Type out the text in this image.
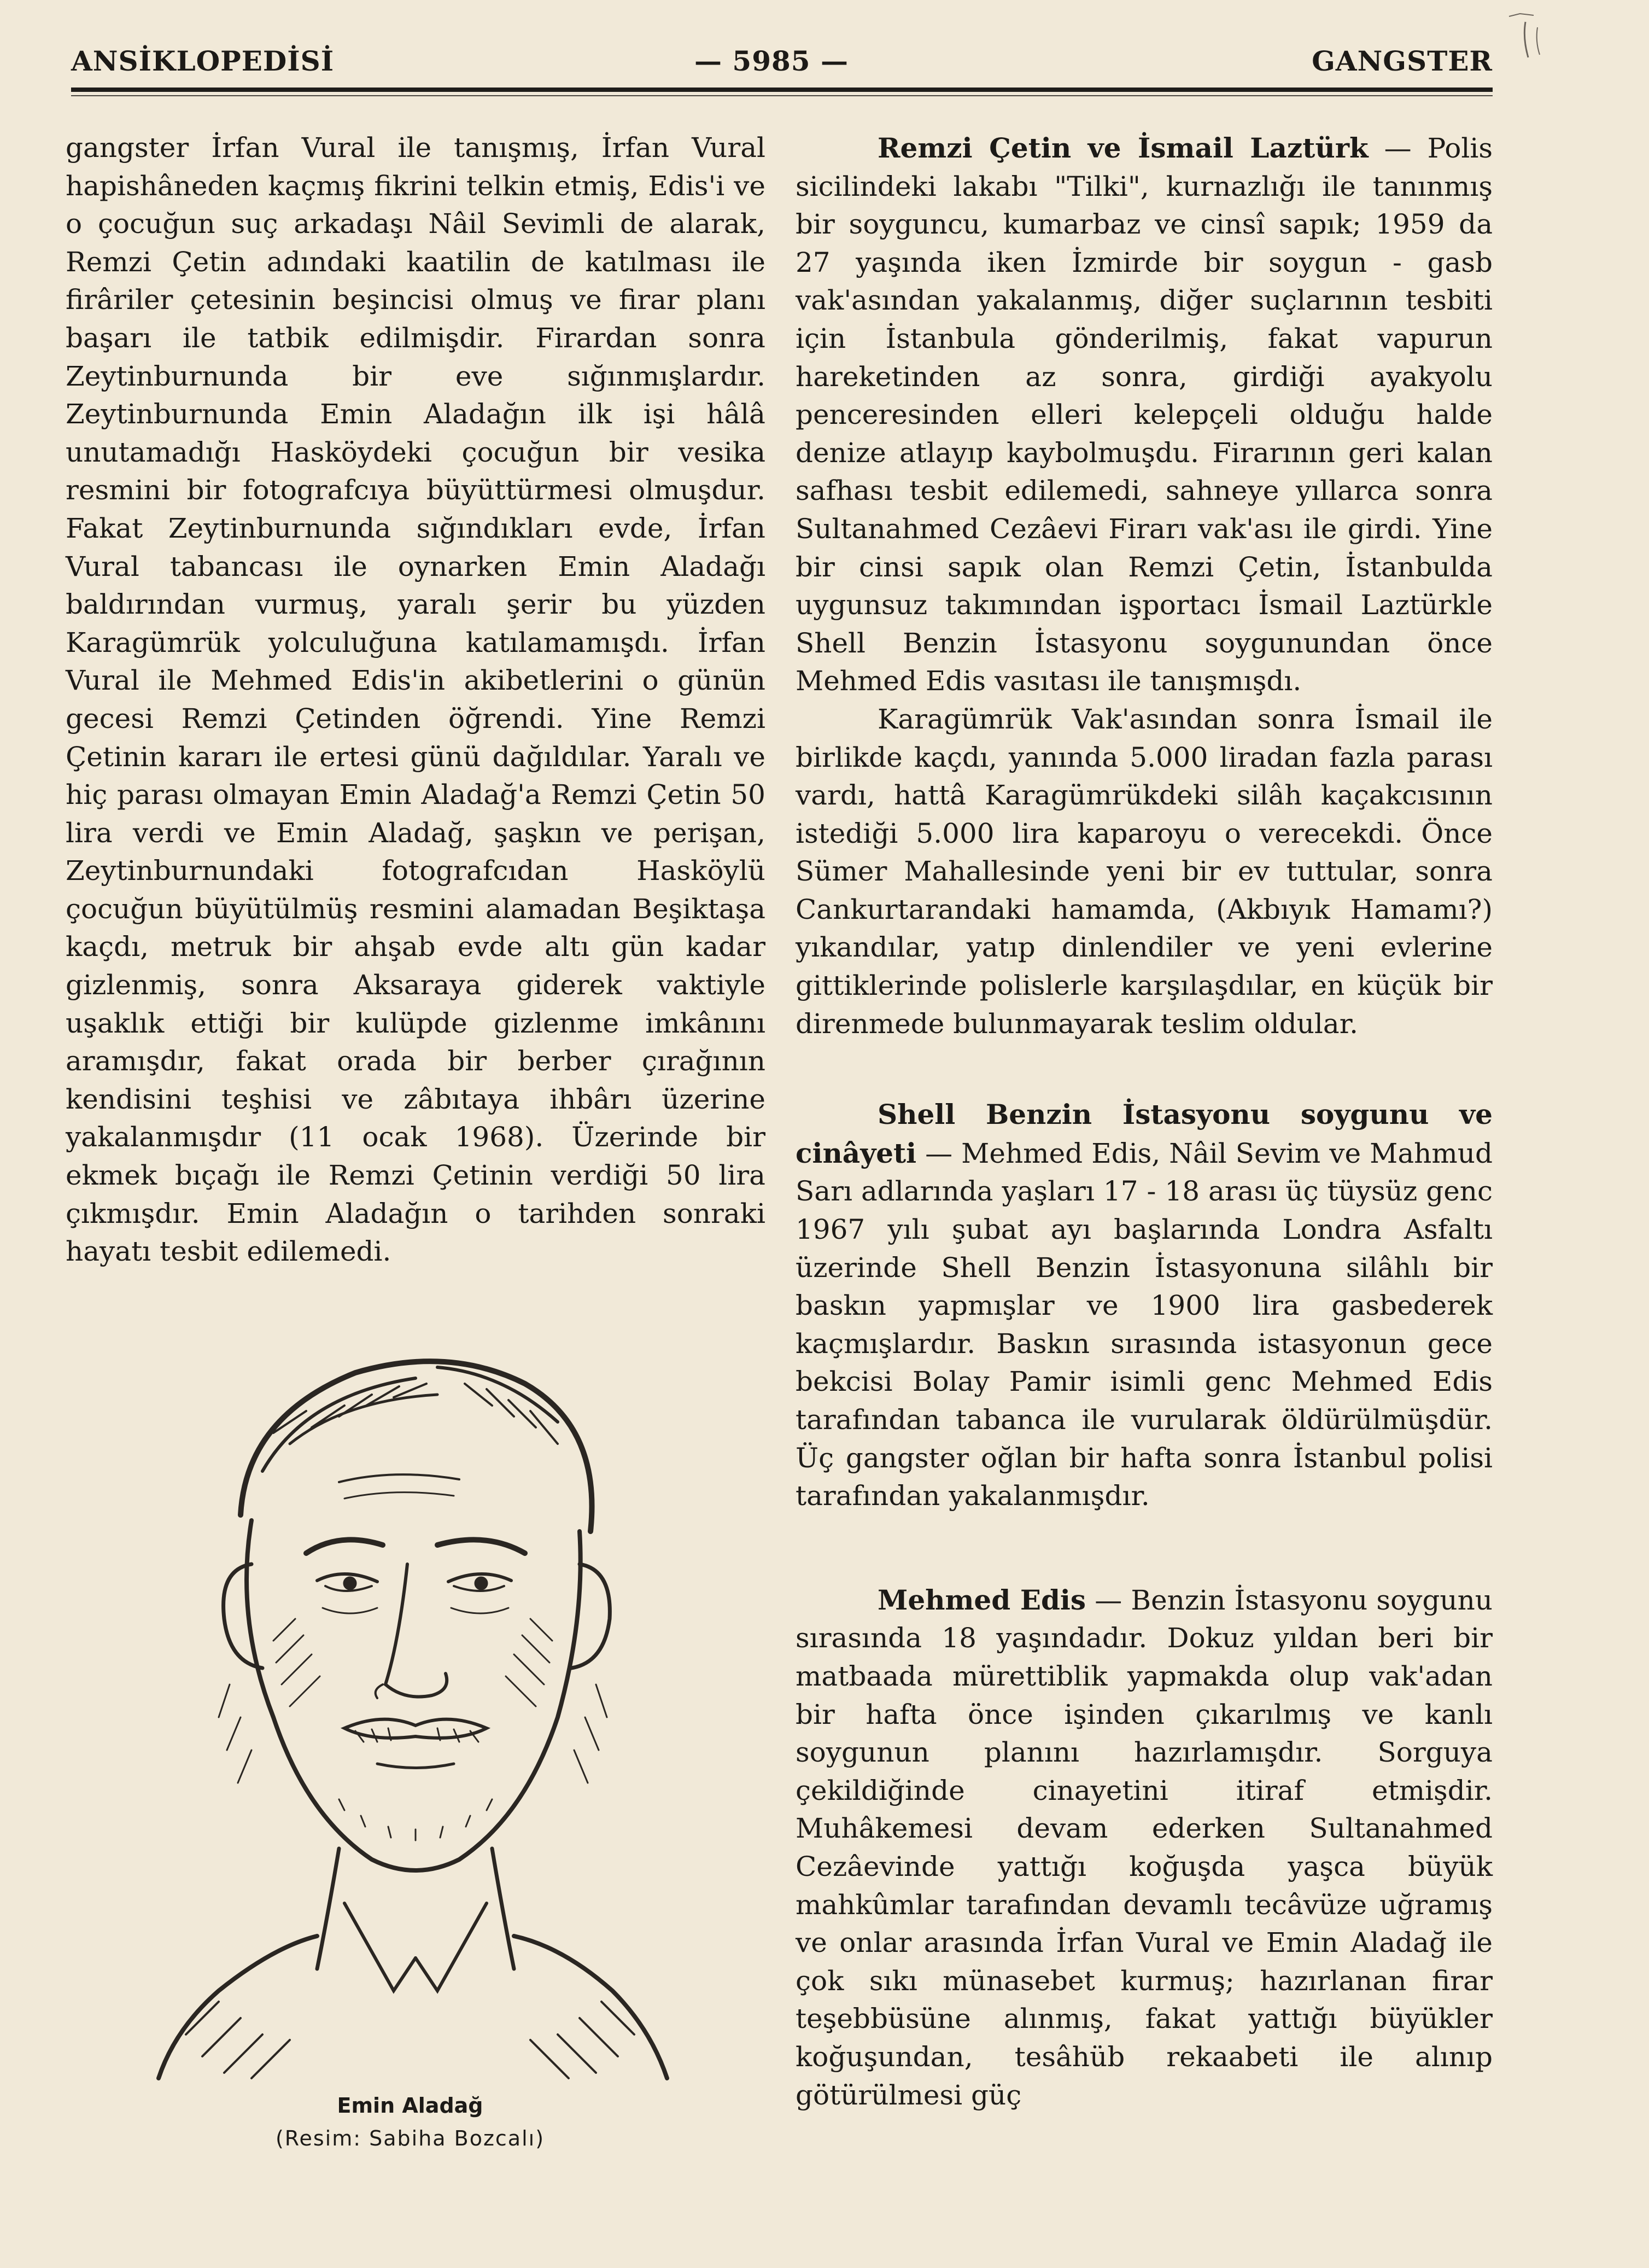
ANSİKLOPEDİSİ	— 5985 —	GANGSTER

gangster İrfan Vural ile tanışmış, İrfan Vural hapishâneden kaçmış fikrini telkin etmiş, Edis'i ve o çocuğun suç arkadaşı Nâil Sevimli de alarak, Remzi Çetin adındaki kaatilin de katılması ile firâriler çetesinin beşincisi olmuş ve firar planı başarı ile tatbik edilmişdir. Firardan sonra Zeytinburnunda bir eve sığınmışlardır. Zeytinburnunda Emin Aladağın ilk işi hâlâ unutamadığı Hasköydeki çocuğun bir vesika resmini bir fotografcıya büyüttürmesi olmuşdur. Fakat Zeytinburnunda sığındıkları evde, İrfan Vural tabancası ile oynarken Emin Aladağı baldırından vurmuş, yaralı şerir bu yüzden Karagümrük yolculuğuna katılamamışdı. İrfan Vural ile Mehmed Edis'in akibetlerini o günün gecesi Remzi Çetinden öğrendi. Yine Remzi Çetinin kararı ile ertesi günü dağıldılar. Yaralı ve hiç parası olmayan Emin Aladağ'a Remzi Çetin 50 lira verdi ve Emin Aladağ, şaşkın ve perişan, Zeytinburnundaki fotografcıdan Hasköylü çocuğun büyütülmüş resmini alamadan Beşiktaşa kaçdı, metruk bir ahşab evde altı gün kadar gizlenmiş, sonra Aksaraya giderek vaktiyle uşaklık ettiği bir kulüpde gizlenme imkânını aramışdır, fakat orada bir berber çırağının kendisini teşhisi ve zâbıtaya ihbârı üzerine yakalanmışdır (11 ocak 1968). Üzerinde bir ekmek bıçağı ile Remzi Çetinin verdiği 50 lira çıkmışdır. Emin Aladağın o tarihden sonraki hayatı tesbit edilemedi.

Emin Aladağ
(Resim: Sabiha Bozcalı)

Remzi Çetin ve İsmail Laztürk — Polis sicilindeki lakabı "Tilki", kurnazlığı ile tanınmış bir soyguncu, kumarbaz ve cinsî sapık; 1959 da 27 yaşında iken İzmirde bir soygun - gasb vak'asından yakalanmış, diğer suçlarının tesbiti için İstanbula gönderilmiş, fakat vapurun hareketinden az sonra, girdiği ayakyolu penceresinden elleri kelepçeli olduğu halde denize atlayıp kaybolmuşdu. Firarının geri kalan safhası tesbit edilemedi, sahneye yıllarca sonra Sultanahmed Cezâevi Firarı vak'ası ile girdi. Yine bir cinsi sapık olan Remzi Çetin, İstanbulda uygunsuz takımından işportacı İsmail Laztürkle Shell Benzin İstasyonu soygunundan önce Mehmed Edis vasıtası ile tanışmışdı.

Karagümrük Vak'asından sonra İsmail ile birlikde kaçdı, yanında 5.000 liradan fazla parası vardı, hattâ Karagümrükdeki silâh kaçakcısının istediği 5.000 lira kaparoyu o verecekdi. Önce Sümer Mahallesinde yeni bir ev tuttular, sonra Cankurtarandaki hamamda, (Akbıyık Hamamı?) yıkandılar, yatıp dinlendiler ve yeni evlerine gittiklerinde polislerle karşılaşdılar, en küçük bir direnmede bulunmayarak teslim oldular.

Shell Benzin İstasyonu soygunu ve cinâyeti — Mehmed Edis, Nâil Sevim ve Mahmud Sarı adlarında yaşları 17 - 18 arası üç tüysüz genc 1967 yılı şubat ayı başlarında Londra Asfaltı üzerinde Shell Benzin İstasyonuna silâhlı bir baskın yapmışlar ve 1900 lira gasbederek kaçmışlardır. Baskın sırasında istasyonun gece bekcisi Bolay Pamir isimli genc Mehmed Edis tarafından tabanca ile vurularak öldürülmüşdür. Üç gangster oğlan bir hafta sonra İstanbul polisi tarafından yakalanmışdır.

Mehmed Edis — Benzin İstasyonu soygunu sırasında 18 yaşındadır. Dokuz yıldan beri bir matbaada mürettiblik yapmakda olup vak'adan bir hafta önce işinden çıkarılmış ve kanlı soygunun planını hazırlamışdır. Sorguya çekildiğinde cinayetini itiraf etmişdir. Muhâkemesi devam ederken Sultanahmed Cezâevinde yattığı koğuşda yaşca büyük mahkûmlar tarafından devamlı tecâvüze uğramış ve onlar arasında İrfan Vural ve Emin Aladağ ile çok sıkı münasebet kurmuş; hazırlanan firar teşebbüsüne alınmış, fakat yattığı büyükler koğuşundan, tesâhüb rekaabeti ile alınıp götürülmesi güç
